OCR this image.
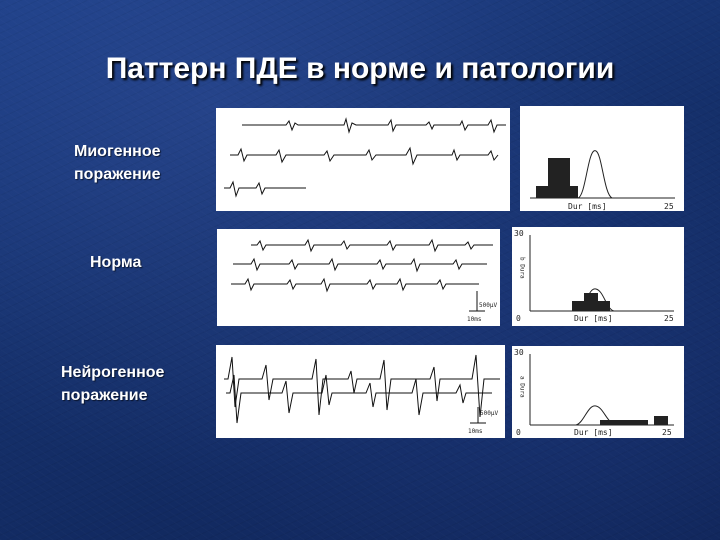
Паттерн ПДЕ в норме и патологии
Миогенное
поражение
Норма
Нейрогенное
поражение
Dur [ms]	25
500µV
10ms
30
0
b Dura
Dur [ms]	25
500µV
10ms
30
0
a Dura
Dur [ms]	25
